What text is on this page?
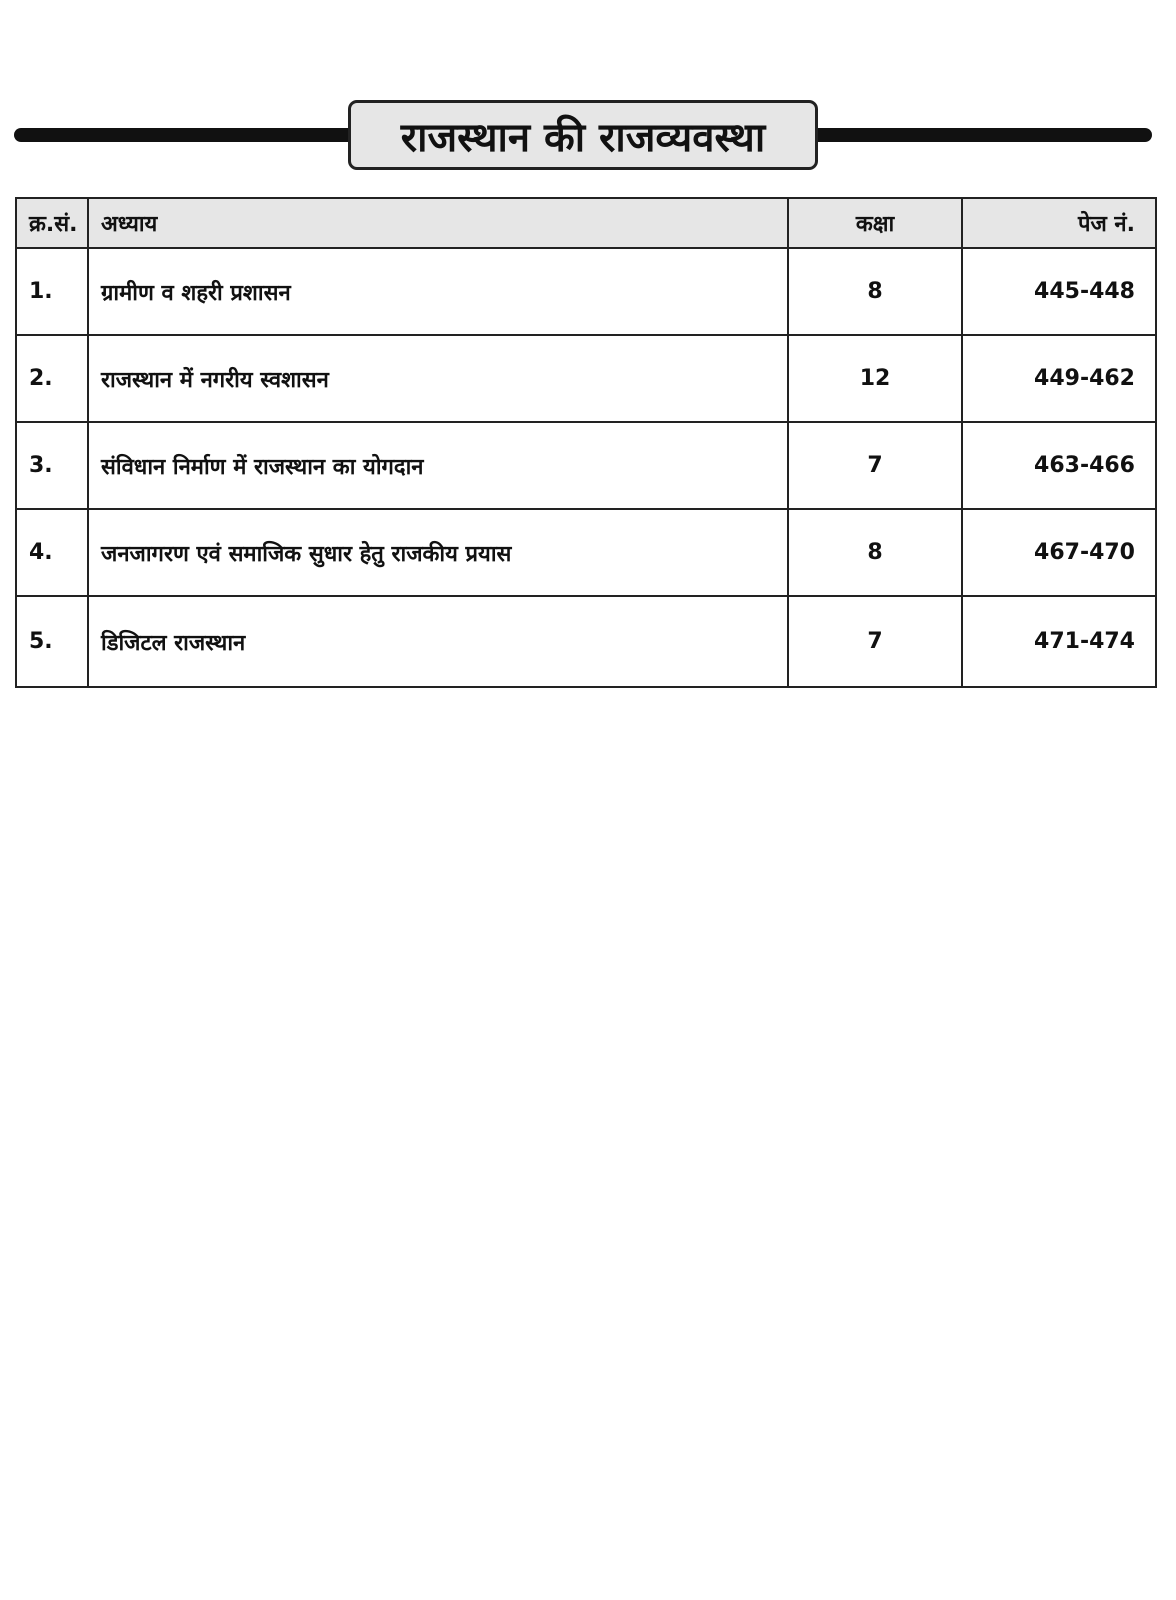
राजस्थान की राजव्यवस्था
क्र.सं.	अध्याय	कक्षा	पेज नं.
1.	ग्रामीण व शहरी प्रशासन	8	445-448
2.	राजस्थान में नगरीय स्वशासन	12	449-462
3.	संविधान निर्माण में राजस्थान का योगदान	7	463-466
4.	जनजागरण एवं समाजिक सुधार हेतु राजकीय प्रयास	8	467-470
5.	डिजिटल राजस्थान	7	471-474
